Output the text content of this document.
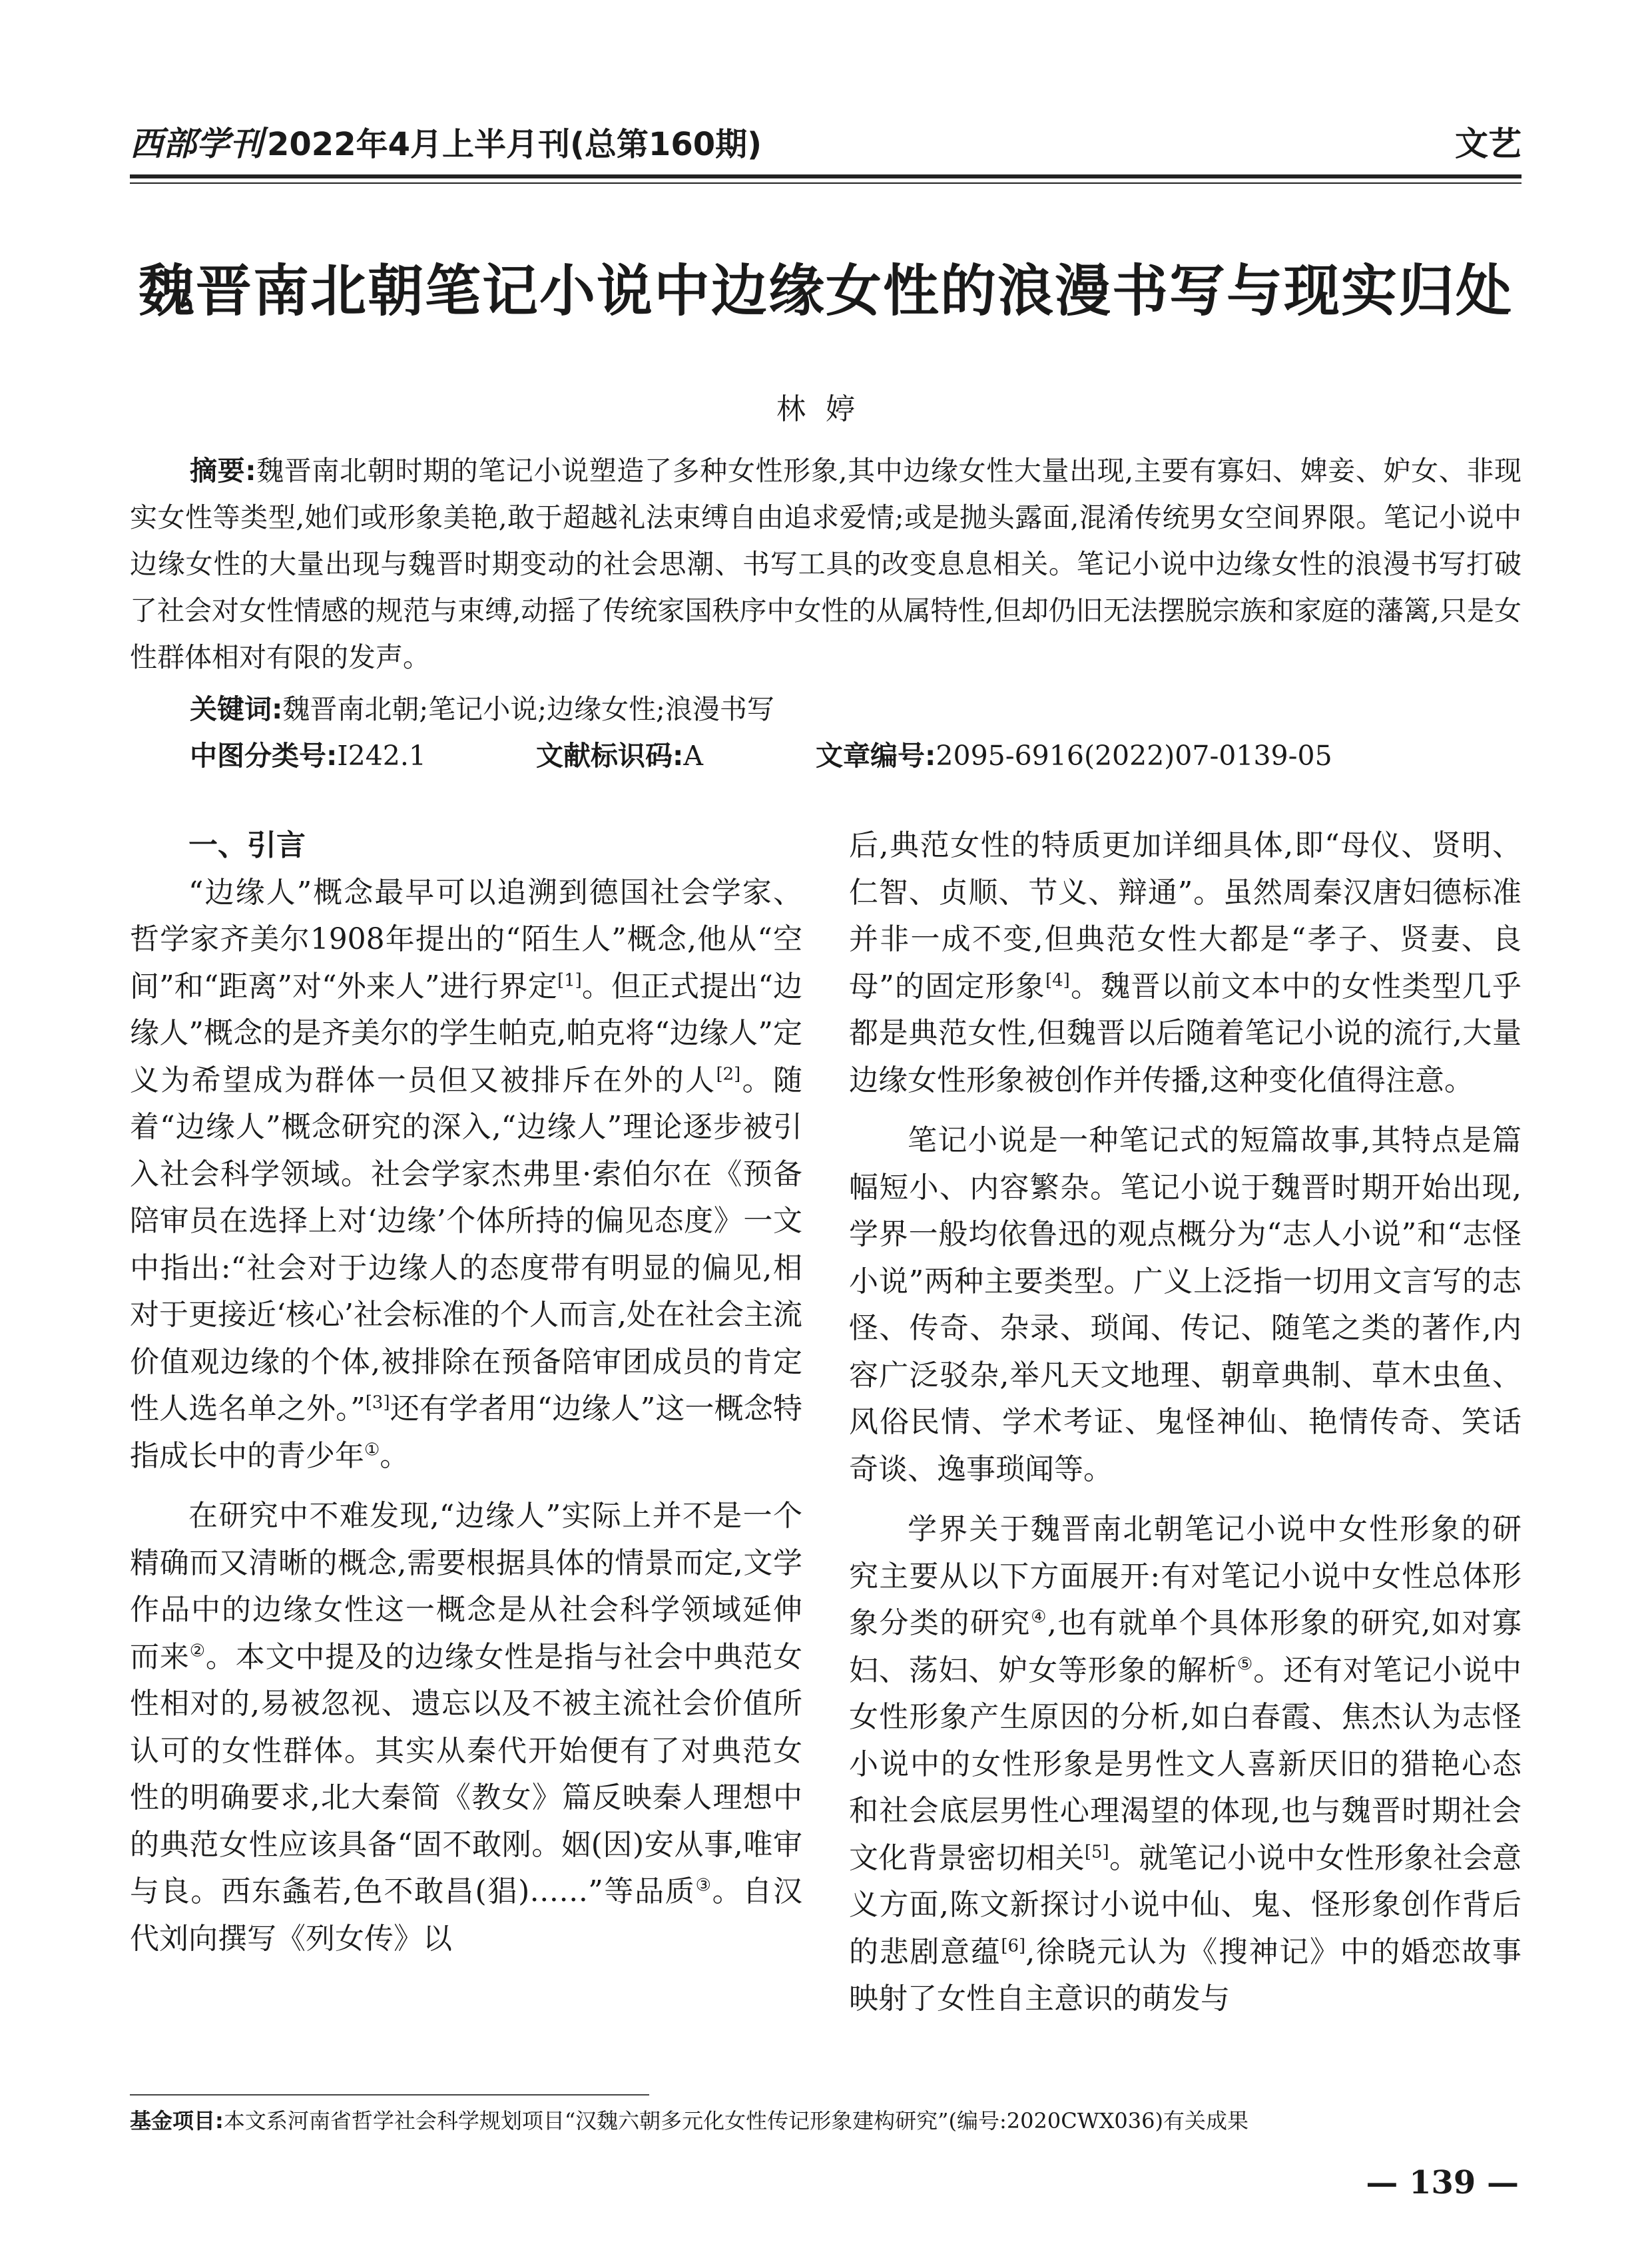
西部学刊 2022年4月上半月刊(总第160期)	文艺
魏晋南北朝笔记小说中边缘女性的浪漫书写与现实归处
林婷
摘要:魏晋南北朝时期的笔记小说塑造了多种女性形象,其中边缘女性大量出现,主要有寡妇、婢妾、妒女、非现实女性等类型,她们或形象美艳,敢于超越礼法束缚自由追求爱情;或是抛头露面,混淆传统男女空间界限。笔记小说中边缘女性的大量出现与魏晋时期变动的社会思潮、书写工具的改变息息相关。笔记小说中边缘女性的浪漫书写打破了社会对女性情感的规范与束缚,动摇了传统家国秩序中女性的从属特性,但却仍旧无法摆脱宗族和家庭的藩篱,只是女性群体相对有限的发声。
关键词:魏晋南北朝;笔记小说;边缘女性;浪漫书写
中图分类号:I242.1	文献标识码:A	文章编号:2095-6916(2022)07-0139-05
一、引言

“边缘人”概念最早可以追溯到德国社会学家、哲学家齐美尔1908年提出的“陌生人”概念,他从“空间”和“距离”对“外来人”进行界定[1]。但正式提出“边缘人”概念的是齐美尔的学生帕克,帕克将“边缘人”定义为希望成为群体一员但又被排斥在外的人[2]。随着“边缘人”概念研究的深入,“边缘人”理论逐步被引入社会科学领域。社会学家杰弗里·索伯尔在《预备陪审员在选择上对‘边缘’个体所持的偏见态度》一文中指出:“社会对于边缘人的态度带有明显的偏见,相对于更接近‘核心’社会标准的个人而言,处在社会主流价值观边缘的个体,被排除在预备陪审团成员的肯定性人选名单之外。”[3]还有学者用“边缘人”这一概念特指成长中的青少年①。

在研究中不难发现,“边缘人”实际上并不是一个精确而又清晰的概念,需要根据具体的情景而定,文学作品中的边缘女性这一概念是从社会科学领域延伸而来②。本文中提及的边缘女性是指与社会中典范女性相对的,易被忽视、遗忘以及不被主流社会价值所认可的女性群体。其实从秦代开始便有了对典范女性的明确要求,北大秦简《教女》篇反映秦人理想中的典范女性应该具备“固不敢刚。姻(因)安从事,唯审与良。西东螽若,色不敢昌(猖)……”等品质③。自汉代刘向撰写《列女传》以

后,典范女性的特质更加详细具体,即“母仪、贤明、仁智、贞顺、节义、辩通”。虽然周秦汉唐妇德标准并非一成不变,但典范女性大都是“孝子、贤妻、良母”的固定形象[4]。魏晋以前文本中的女性类型几乎都是典范女性,但魏晋以后随着笔记小说的流行,大量边缘女性形象被创作并传播,这种变化值得注意。

笔记小说是一种笔记式的短篇故事,其特点是篇幅短小、内容繁杂。笔记小说于魏晋时期开始出现,学界一般均依鲁迅的观点概分为“志人小说”和“志怪小说”两种主要类型。广义上泛指一切用文言写的志怪、传奇、杂录、琐闻、传记、随笔之类的著作,内容广泛驳杂,举凡天文地理、朝章典制、草木虫鱼、风俗民情、学术考证、鬼怪神仙、艳情传奇、笑话奇谈、逸事琐闻等。

学界关于魏晋南北朝笔记小说中女性形象的研究主要从以下方面展开:有对笔记小说中女性总体形象分类的研究④,也有就单个具体形象的研究,如对寡妇、荡妇、妒女等形象的解析⑤。还有对笔记小说中女性形象产生原因的分析,如白春霞、焦杰认为志怪小说中的女性形象是男性文人喜新厌旧的猎艳心态和社会底层男性心理渴望的体现,也与魏晋时期社会文化背景密切相关[5]。就笔记小说中女性形象社会意义方面,陈文新探讨小说中仙、鬼、怪形象创作背后的悲剧意蕴[6],徐晓元认为《搜神记》中的婚恋故事映射了女性自主意识的萌发与

基金项目:本文系河南省哲学社会科学规划项目“汉魏六朝多元化女性传记形象建构研究”(编号:2020CWX036)有关成果
— 139 —
